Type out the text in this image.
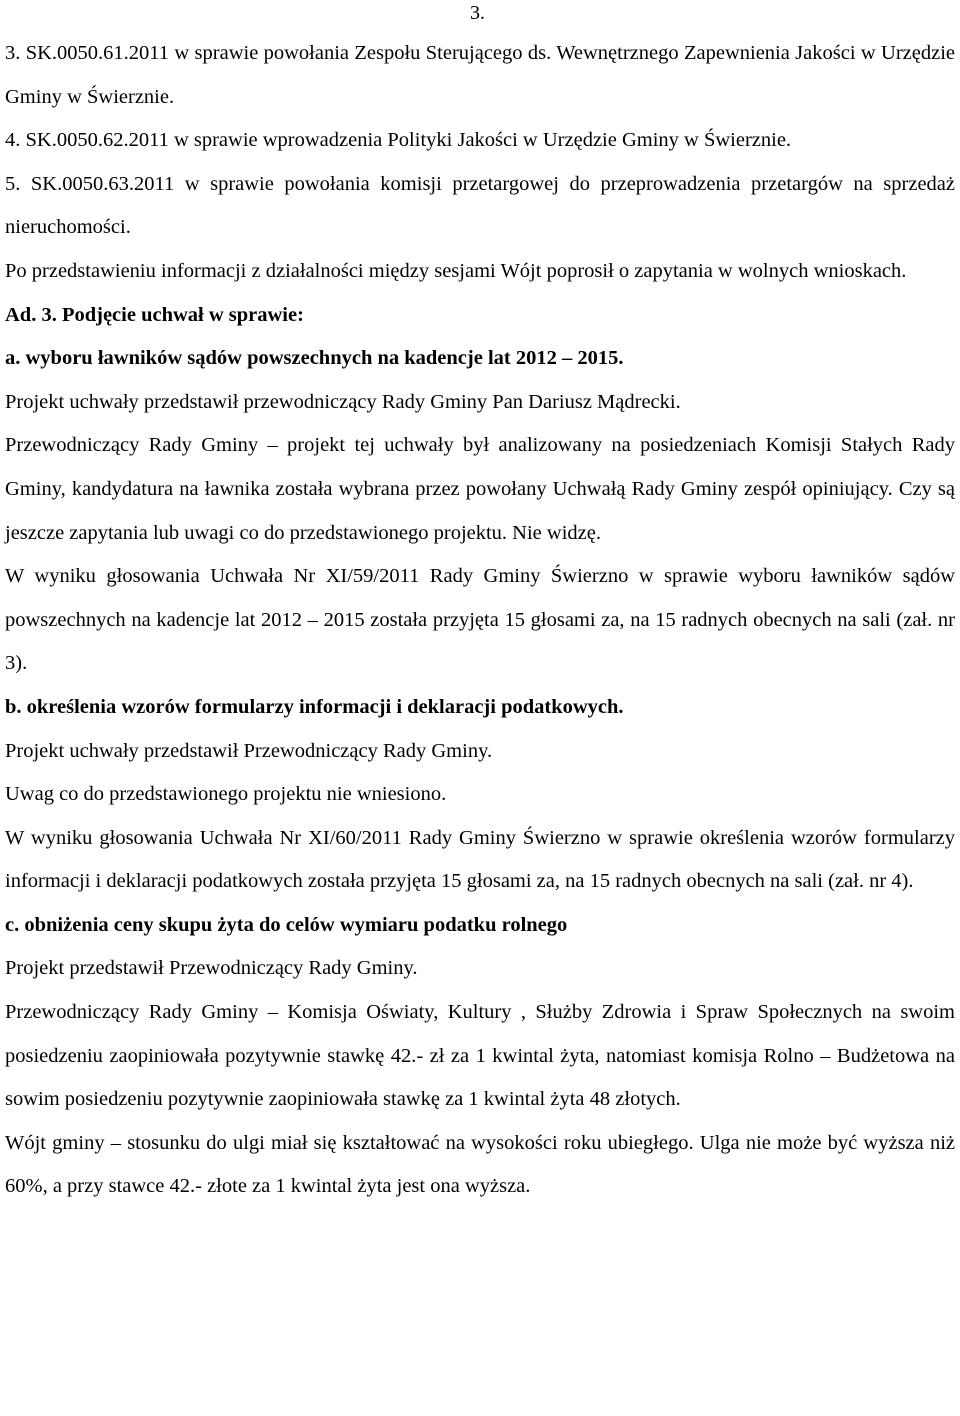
3.

3. SK.0050.61.2011 w sprawie powołania Zespołu Sterującego ds. Wewnętrznego Zapewnienia Jakości w Urzędzie Gminy w Świerznie.

4. SK.0050.62.2011 w sprawie wprowadzenia Polityki Jakości w Urzędzie Gminy w Świerznie.

5. SK.0050.63.2011 w sprawie powołania komisji przetargowej do przeprowadzenia przetargów na sprzedaż nieruchomości.

Po przedstawieniu informacji z działalności między sesjami Wójt poprosił o zapytania w wolnych wnioskach.

Ad. 3. Podjęcie uchwał w sprawie:

a. wyboru ławników sądów powszechnych na kadencje lat 2012 – 2015.

Projekt uchwały przedstawił przewodniczący Rady Gminy Pan Dariusz Mądrecki.

Przewodniczący Rady Gminy – projekt tej uchwały był analizowany na posiedzeniach Komisji Stałych Rady Gminy, kandydatura na ławnika została wybrana przez powołany Uchwałą Rady Gminy zespół opiniujący. Czy są jeszcze zapytania lub uwagi co do przedstawionego projektu. Nie widzę.

W wyniku głosowania Uchwała Nr XI/59/2011 Rady Gminy Świerzno w sprawie wyboru ławników sądów powszechnych na kadencje lat 2012 – 2015 została przyjęta 15 głosami za, na 15 radnych obecnych na sali (zał. nr 3).

b. określenia wzorów formularzy informacji i deklaracji podatkowych.

Projekt uchwały przedstawił Przewodniczący Rady Gminy.

Uwag co do przedstawionego projektu nie wniesiono.

W wyniku głosowania Uchwała Nr XI/60/2011 Rady Gminy Świerzno w sprawie określenia wzorów formularzy informacji i deklaracji podatkowych została przyjęta 15 głosami za, na 15 radnych obecnych na sali (zał. nr 4).

c. obniżenia ceny skupu żyta do celów wymiaru podatku rolnego

Projekt przedstawił Przewodniczący Rady Gminy.

Przewodniczący Rady Gminy – Komisja Oświaty, Kultury , Służby Zdrowia i Spraw Społecznych na swoim posiedzeniu zaopiniowała pozytywnie stawkę 42.- zł za 1 kwintal żyta, natomiast komisja Rolno – Budżetowa na sowim posiedzeniu pozytywnie zaopiniowała stawkę za 1 kwintal żyta 48 złotych.

Wójt gminy – stosunku do ulgi miał się kształtować na wysokości roku ubiegłego. Ulga nie może być wyższa niż 60%, a przy stawce 42.- złote za 1 kwintal żyta jest ona wyższa.
